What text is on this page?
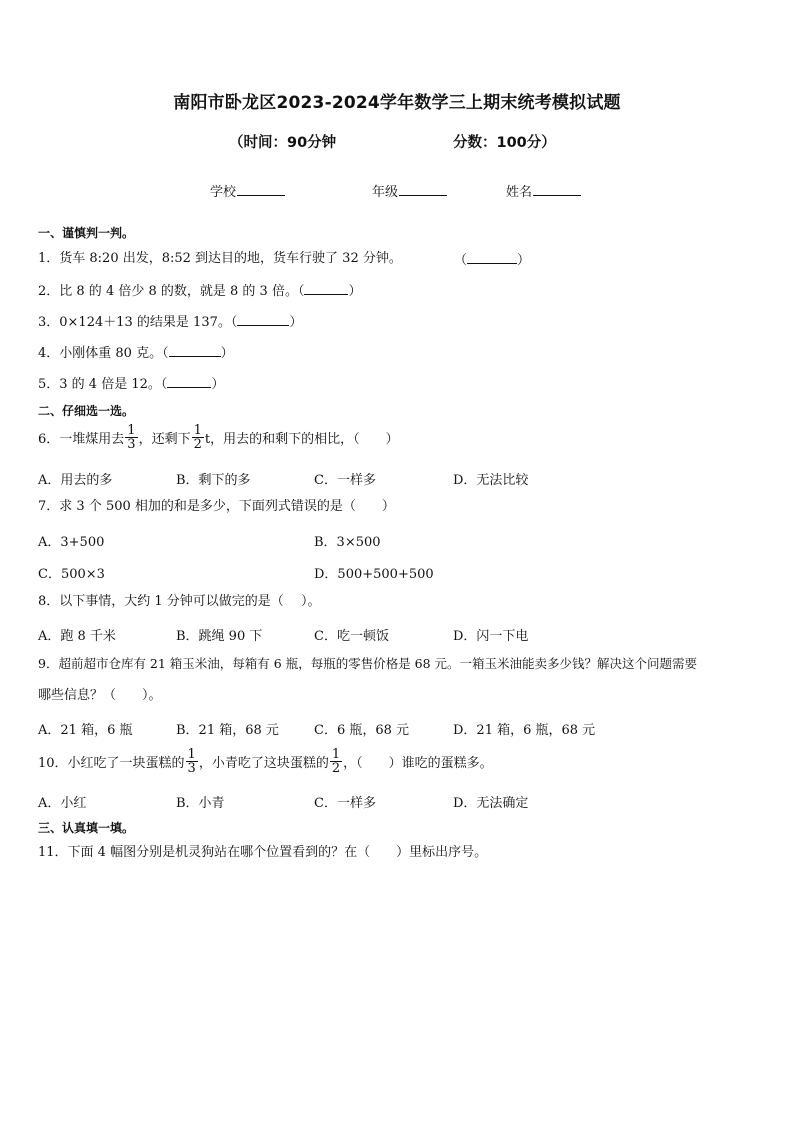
南阳市卧龙区2023-2024学年数学三上期末统考模拟试题
（时间：90分钟	分数：100分）
学校	年级	姓名
一、谨慎判一判。
1．货车 8:20 出发，8:52 到达目的地，货车行驶了 32 分钟。	（	）
2．比 8 的 4 倍少 8 的数，就是 8 的 3 倍。（	）
3．0×124＋13 的结果是 137。（	）
4．小刚体重 80 克。（	）
5．3 的 4 倍是 12。（	）
二、仔细选一选。
6．一堆煤用去 $\frac{1}{3}$ ，还剩下 $\frac{1}{2}$ t，用去的和剩下的相比，（　　）
A．用去的多	B．剩下的多	C．一样多	D．无法比较
7．求 3 个 500 相加的和是多少，下面列式错误的是（　　）
A．3+500	B．3×500
C．500×3	D．500+500+500
8．以下事情，大约 1 分钟可以做完的是（　 ）。
A．跑 8 千米	B．跳绳 90 下	C．吃一顿饭	D．闪一下电
9．超前超市仓库有 21 箱玉米油，每箱有 6 瓶，每瓶的零售价格是 68 元。一箱玉米油能卖多少钱？解决这个问题需要
哪些信息？（　　）。
A．21 箱，6 瓶	B．21 箱，68 元	C．6 瓶，68 元	D．21 箱，6 瓶，68 元
10．小红吃了一块蛋糕的 $\frac{1}{3}$ ，小青吃了这块蛋糕的 $\frac{1}{2}$ ，（　　）谁吃的蛋糕多。
A．小红	B．小青	C．一样多	D．无法确定
三、认真填一填。
11．下面 4 幅图分别是机灵狗站在哪个位置看到的？在（　　）里标出序号。
